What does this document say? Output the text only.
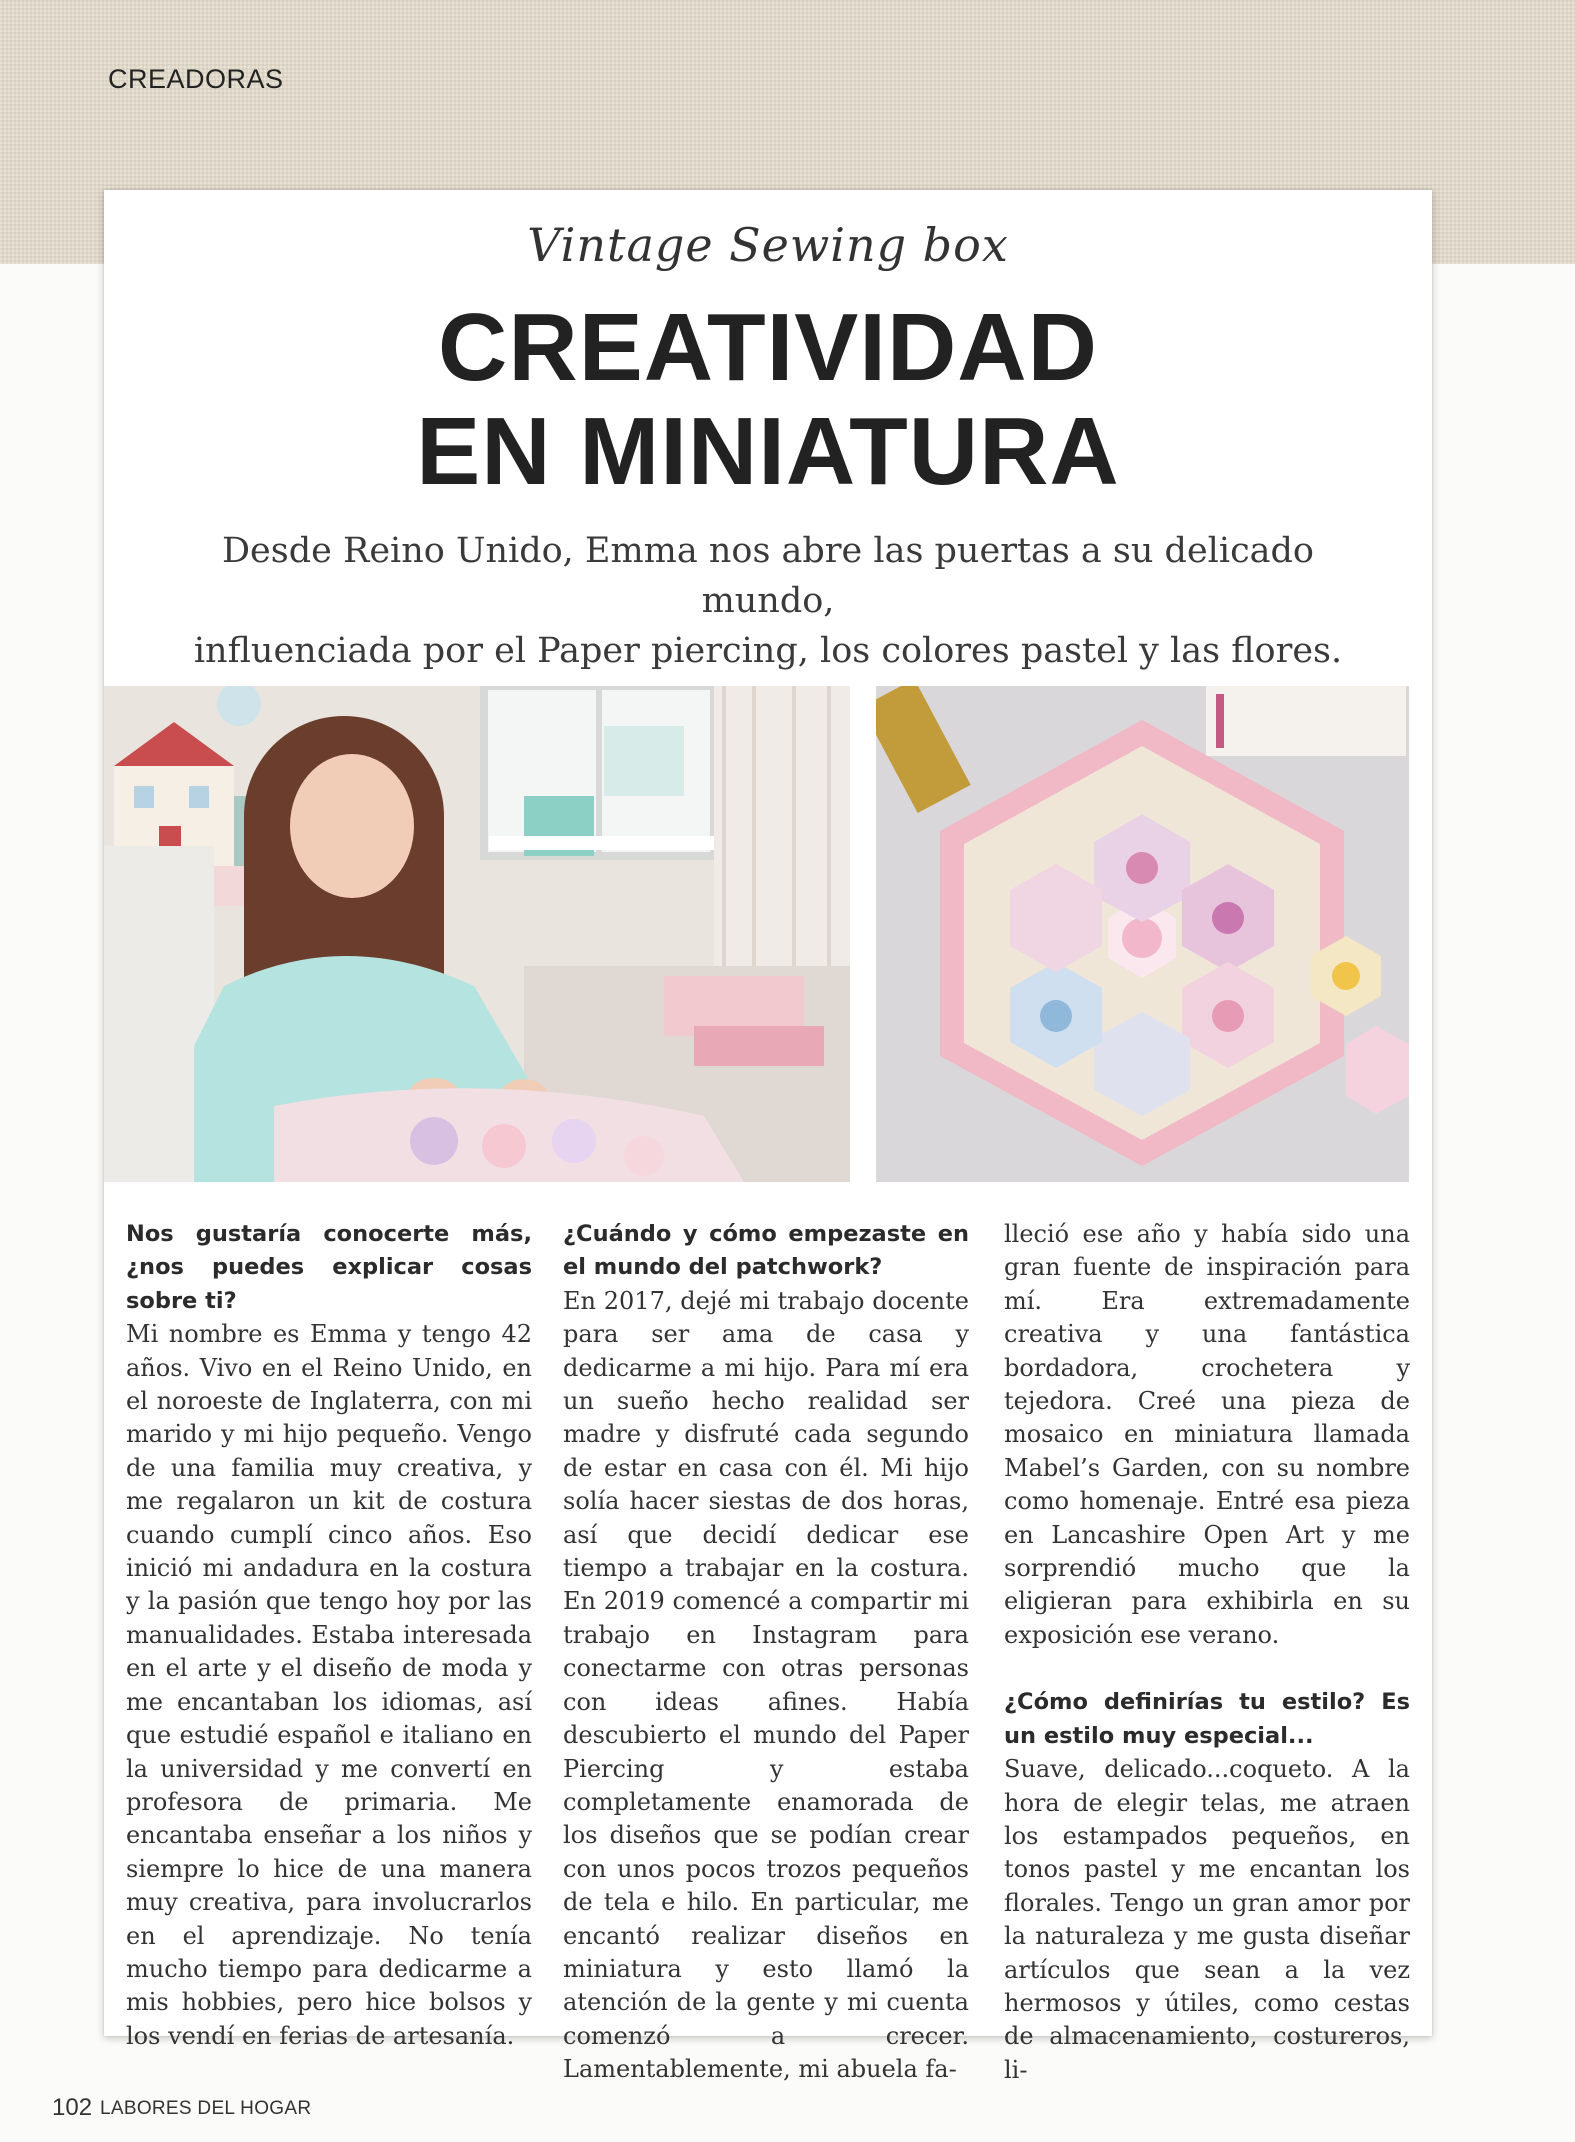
CREADORAS
Vintage Sewing box
CREATIVIDAD
EN MINIATURA
Desde Reino Unido, Emma nos abre las puertas a su delicado mundo,
influenciada por el Paper piercing, los colores pastel y las flores.

Nos gustaría conocerte más, ¿nos puedes explicar cosas sobre ti?

Mi nombre es Emma y tengo 42 años. Vivo en el Reino Unido, en el noroeste de Inglaterra, con mi marido y mi hijo pequeño. Vengo de una familia muy creativa, y me regalaron un kit de costura cuando cumplí cinco años. Eso inició mi andadura en la costura y la pasión que tengo hoy por las manualidades. Estaba interesada en el arte y el diseño de moda y me encantaban los idiomas, así que estudié español e italiano en la universidad y me convertí en profesora de primaria. Me encantaba enseñar a los niños y siempre lo hice de una manera muy creativa, para involucrarlos en el aprendizaje. No tenía mucho tiempo para dedicarme a mis hobbies, pero hice bolsos y los vendí en ferias de artesanía.

¿Cuándo y cómo empezaste en el mundo del patchwork?

En 2017, dejé mi trabajo docente para ser ama de casa y dedicarme a mi hijo. Para mí era un sueño hecho realidad ser madre y disfruté cada segundo de estar en casa con él. Mi hijo solía hacer siestas de dos horas, así que decidí dedicar ese tiempo a trabajar en la costura. En 2019 comencé a compartir mi trabajo en Instagram para conectarme con otras personas con ideas afines. Había descubierto el mundo del Paper Piercing y estaba completamente enamorada de los diseños que se podían crear con unos pocos trozos pequeños de tela e hilo. En particular, me encantó realizar diseños en miniatura y esto llamó la atención de la gente y mi cuenta comenzó a crecer. Lamentablemente, mi abuela fa-

lleció ese año y había sido una gran fuente de inspiración para mí. Era extremadamente creativa y una fantástica bordadora, crochetera y tejedora. Creé una pieza de mosaico en miniatura llamada Mabel’s Garden, con su nombre como homenaje. Entré esa pieza en Lancashire Open Art y me sorprendió mucho que la eligieran para exhibirla en su exposición ese verano.

¿Cómo definirías tu estilo? Es un estilo muy especial...

Suave, delicado...coqueto. A la hora de elegir telas, me atraen los estampados pequeños, en tonos pastel y me encantan los florales. Tengo un gran amor por la naturaleza y me gusta diseñar artículos que sean a la vez hermosos y útiles, como cestas de almacenamiento, costureros, li-

102 LABORES DEL HOGAR
